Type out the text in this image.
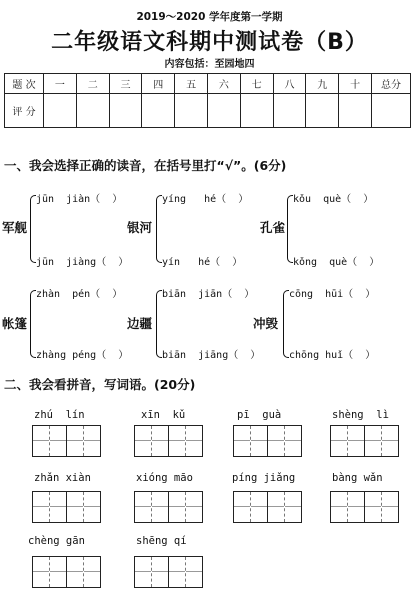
2019～2020 学年度第一学期
二年级语文科期中测试卷（B）
内容包括：至园地四
题 次	一	二	三	四	五	六	七	八	九	十	总分
评 分											
一、我会选择正确的读音，在括号里打“√”。(6分)
军舰
jūn  jiàn（  ）
jūn  jiàng（  ）
银河
yíng   hé（  ）
yín   hé（  ）
孔雀
kǒu  què（  ）
kǒng  què（  ）
帐篷
zhàn  pén（  ）
zhàng péng（  ）
边疆
biān  jiān（  ）
biān  jiāng（  ）
冲毁
cōng  hūi（  ）
chōng huǐ（  ）
二、我会看拼音，写词语。(20分)
zhú  lín	xīn  kǔ	pī  guà	shèng  lì
zhǎn xiàn	xióng māo	píng jiǎng	bàng wǎn
chèng gān	shēng qí
